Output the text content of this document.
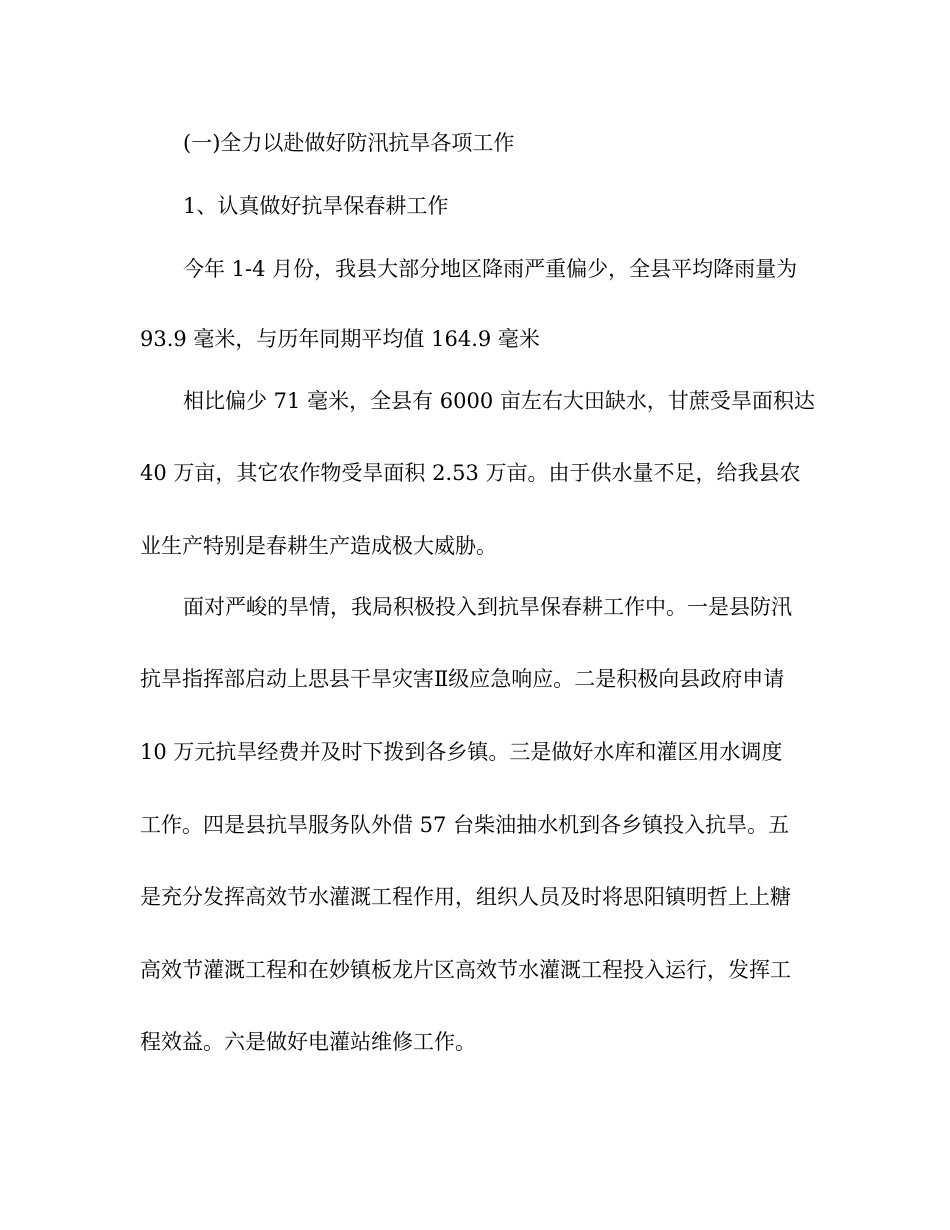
(一)全力以赴做好防汛抗旱各项工作
1、认真做好抗旱保春耕工作
今年 1-4 月份，我县大部分地区降雨严重偏少，全县平均降雨量为
93.9 毫米，与历年同期平均值 164.9 毫米
相比偏少 71 毫米，全县有 6000 亩左右大田缺水，甘蔗受旱面积达
40 万亩，其它农作物受旱面积 2.53 万亩。由于供水量不足，给我县农
业生产特别是春耕生产造成极大威胁。
面对严峻的旱情，我局积极投入到抗旱保春耕工作中。一是县防汛
抗旱指挥部启动上思县干旱灾害Ⅱ级应急响应。二是积极向县政府申请
10 万元抗旱经费并及时下拨到各乡镇。三是做好水库和灌区用水调度
工作。四是县抗旱服务队外借 57 台柴油抽水机到各乡镇投入抗旱。五
是充分发挥高效节水灌溉工程作用，组织人员及时将思阳镇明哲上上糖
高效节灌溉工程和在妙镇板龙片区高效节水灌溉工程投入运行，发挥工
程效益。六是做好电灌站维修工作。
